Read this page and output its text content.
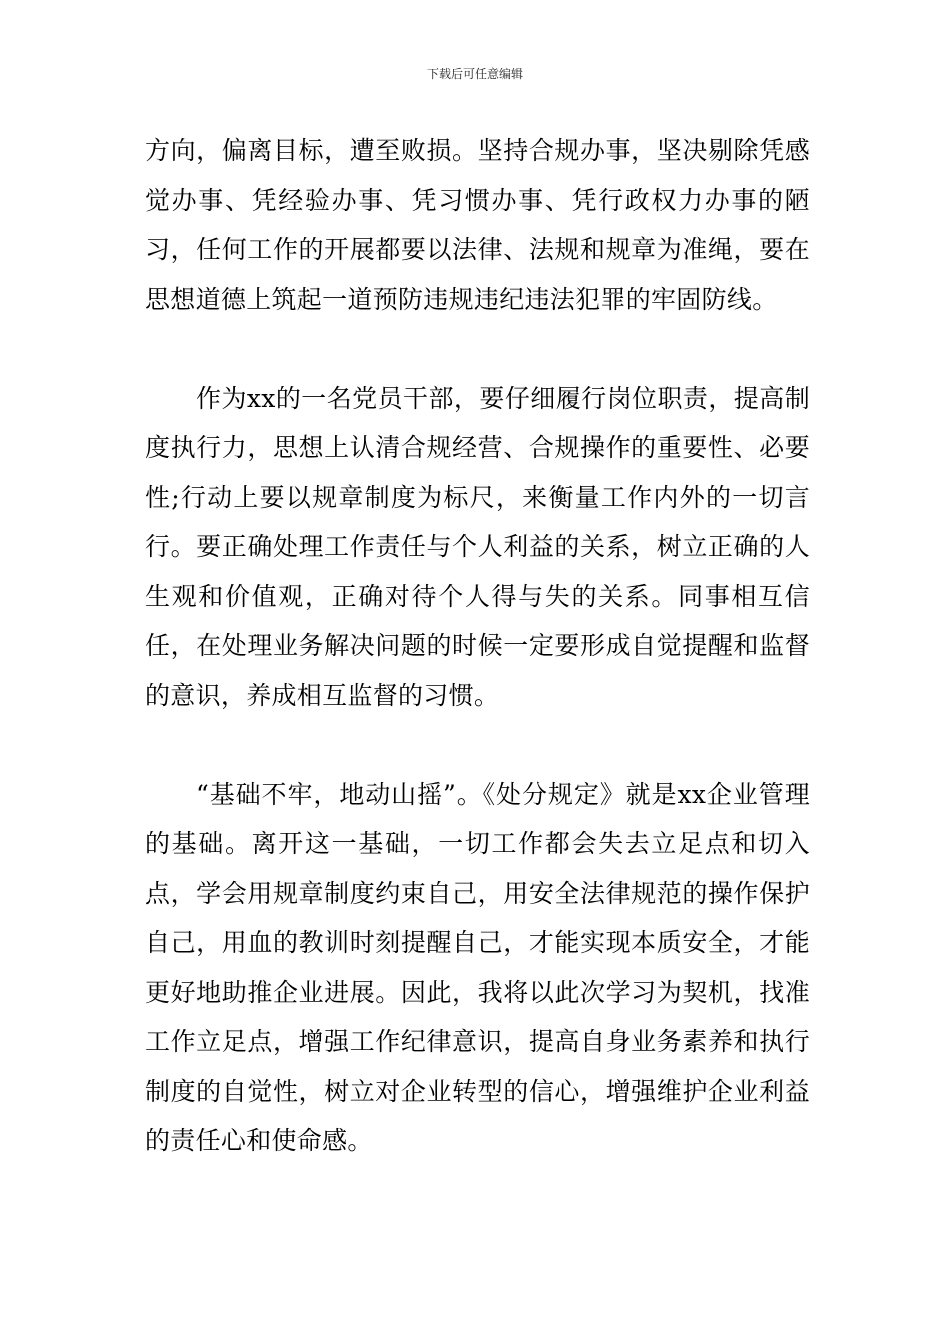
下载后可任意编辑

方向，偏离目标，遭至败损。坚持合规办事，坚决剔除凭感觉办事、凭经验办事、凭习惯办事、凭行政权力办事的陋习，任何工作的开展都要以法律、法规和规章为准绳，要在思想道德上筑起一道预防违规违纪违法犯罪的牢固防线。

作为xx的一名党员干部，要仔细履行岗位职责，提高制度执行力，思想上认清合规经营、合规操作的重要性、必要性;行动上要以规章制度为标尺，来衡量工作内外的一切言行。要正确处理工作责任与个人利益的关系，树立正确的人生观和价值观，正确对待个人得与失的关系。同事相互信任，在处理业务解决问题的时候一定要形成自觉提醒和监督的意识，养成相互监督的习惯。

“基础不牢，地动山摇”。《处分规定》就是xx企业管理的基础。离开这一基础，一切工作都会失去立足点和切入点，学会用规章制度约束自己，用安全法律规范的操作保护自己，用血的教训时刻提醒自己，才能实现本质安全，才能更好地助推企业进展。因此，我将以此次学习为契机，找准工作立足点，增强工作纪律意识，提高自身业务素养和执行制度的自觉性，树立对企业转型的信心，增强维护企业利益的责任心和使命感。
